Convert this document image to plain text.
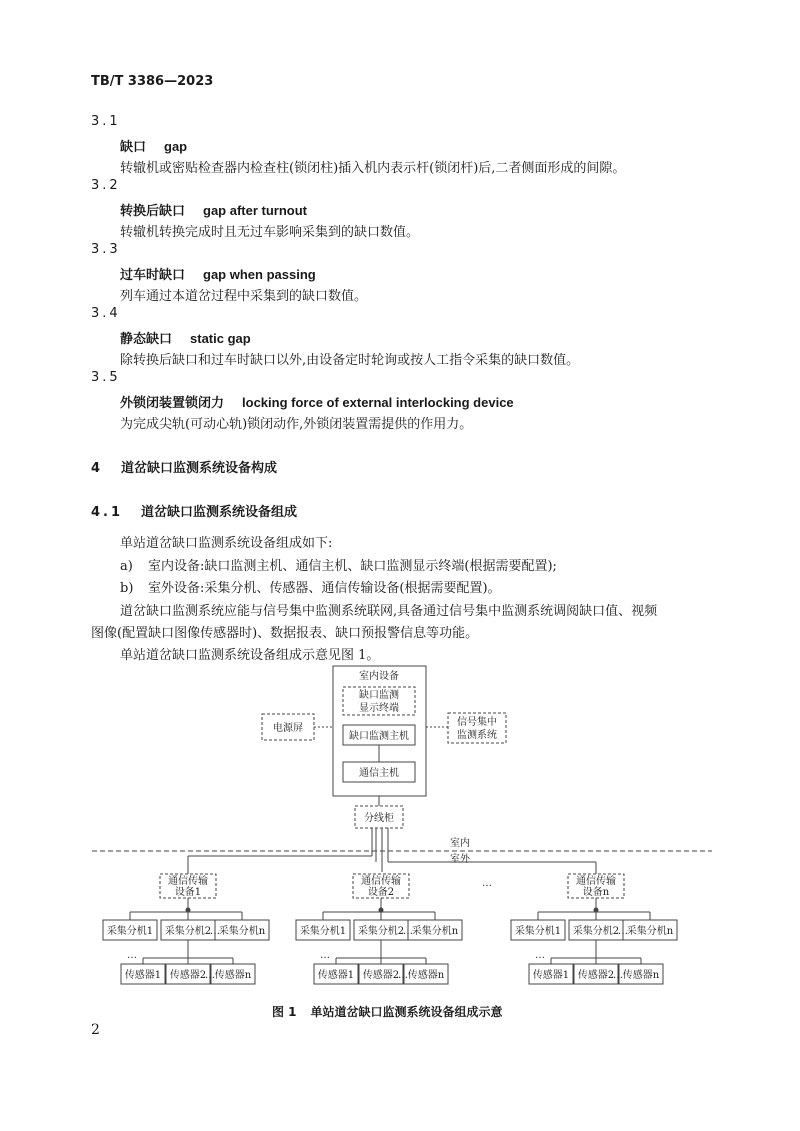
TB/T 3386—2023
3.1
缺口 gap
转辙机或密贴检查器内检查柱(锁闭柱)插入机内表示杆(锁闭杆)后,二者侧面形成的间隙。
3.2
转换后缺口 gap after turnout
转辙机转换完成时且无过车影响采集到的缺口数值。
3.3
过车时缺口 gap when passing
列车通过本道岔过程中采集到的缺口数值。
3.4
静态缺口 static gap
除转换后缺口和过车时缺口以外,由设备定时轮询或按人工指令采集的缺口数值。
3.5
外锁闭装置锁闭力 locking force of external interlocking device
为完成尖轨(可动心轨)锁闭动作,外锁闭装置需提供的作用力。
4 道岔缺口监测系统设备构成
4.1 道岔缺口监测系统设备组成
单站道岔缺口监测系统设备组成如下:
a) 室内设备:缺口监测主机、通信主机、缺口监测显示终端(根据需要配置);
b) 室外设备:采集分机、传感器、通信传输设备(根据需要配置)。
道岔缺口监测系统应能与信号集中监测系统联网,具备通过信号集中监测系统调阅缺口值、视频
图像(配置缺口图像传感器时)、数据报表、缺口预报警信息等功能。
单站道岔缺口监测系统设备组成示意见图 1。
室内设备
缺口监测
显示终端
缺口监测主机
通信主机
电源屏
信号集中
监测系统
分线柜
室内
室外
通信传输
设备1
通信传输
设备2
通信传输
设备n
…
…
…
…
采集分机1 采集分机2 采集分机n
传感器1 传感器2 传感器n
…
…
…
采集分机1 采集分机2 采集分机n
传感器1 传感器2 传感器n
…
…
…
采集分机1 采集分机2 采集分机n
传感器1 传感器2 传感器n
图 1 单站道岔缺口监测系统设备组成示意
2
